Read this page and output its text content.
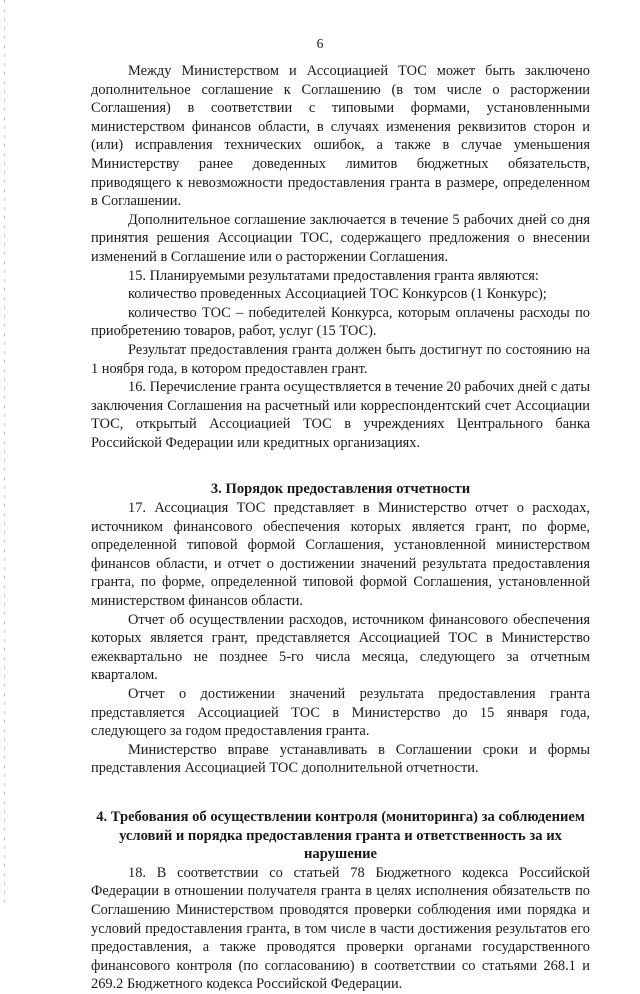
6

Между Министерством и Ассоциацией ТОС может быть заключено дополнительное соглашение к Соглашению (в том числе о расторжении Соглашения) в соответствии с типовыми формами, установленными министерством финансов области, в случаях изменения реквизитов сторон и (или) исправления технических ошибок, а также в случае уменьшения Министерству ранее доведенных лимитов бюджетных обязательств, приводящего к невозможности предоставления гранта в размере, определенном в Соглашении.

Дополнительное соглашение заключается в течение 5 рабочих дней со дня принятия решения Ассоциации ТОС, содержащего предложения о внесении изменений в Соглашение или о расторжении Соглашения.

15. Планируемыми результатами предоставления гранта являются:

количество проведенных Ассоциацией ТОС Конкурсов (1 Конкурс);

количество ТОС – победителей Конкурса, которым оплачены расходы по приобретению товаров, работ, услуг (15 ТОС).

Результат предоставления гранта должен быть достигнут по состоянию на 1 ноября года, в котором предоставлен грант.

16. Перечисление гранта осуществляется в течение 20 рабочих дней с даты заключения Соглашения на расчетный или корреспондентский счет Ассоциации ТОС, открытый Ассоциацией ТОС в учреждениях Центрального банка Российской Федерации или кредитных организациях.

3. Порядок предоставления отчетности

17. Ассоциация ТОС представляет в Министерство отчет о расходах, источником финансового обеспечения которых является грант, по форме, определенной типовой формой Соглашения, установленной министерством финансов области, и отчет о достижении значений результата предоставления гранта, по форме, определенной типовой формой Соглашения, установленной министерством финансов области.

Отчет об осуществлении расходов, источником финансового обеспечения которых является грант, представляется Ассоциацией ТОС в Министерство ежеквартально не позднее 5-го числа месяца, следующего за отчетным кварталом.

Отчет о достижении значений результата предоставления гранта представляется Ассоциацией ТОС в Министерство до 15 января года, следующего за годом предоставления гранта.

Министерство вправе устанавливать в Соглашении сроки и формы представления Ассоциацией ТОС дополнительной отчетности.

4. Требования об осуществлении контроля (мониторинга) за соблюдением
условий и порядка предоставления гранта и ответственность за их нарушение

18. В соответствии со статьей 78 Бюджетного кодекса Российской Федерации в отношении получателя гранта в целях исполнения обязательств по Соглашению Министерством проводятся проверки соблюдения ими порядка и условий предоставления гранта, в том числе в части достижения результатов его предоставления, а также проводятся проверки органами государственного финансового контроля (по согласованию) в соответствии со статьями 268.1 и 269.2 Бюджетного кодекса Российской Федерации.
